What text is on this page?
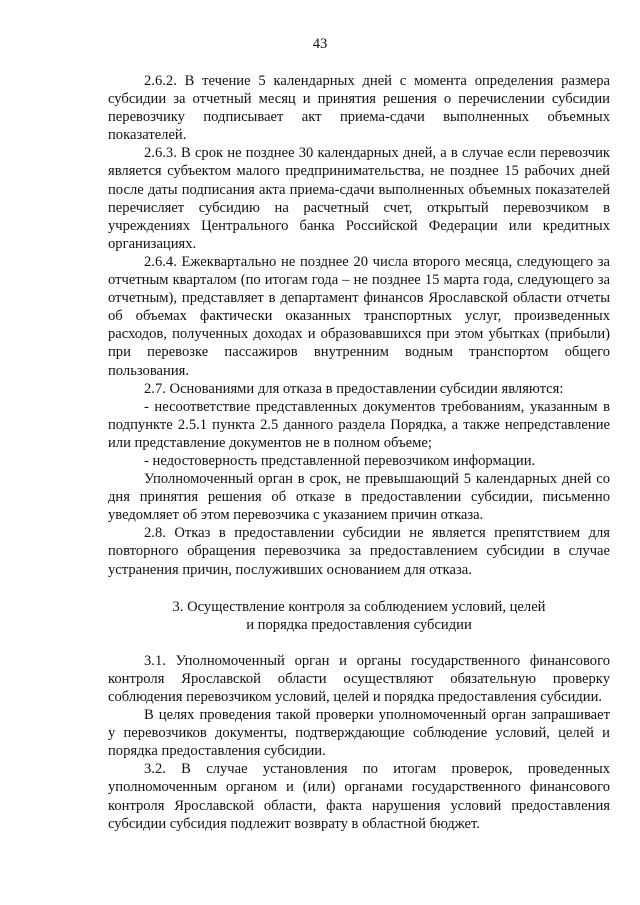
43

2.6.2. В течение 5 календарных дней с момента определения размера субсидии за отчетный месяц и принятия решения о перечислении субсидии перевозчику подписывает акт приема-сдачи выполненных объемных показателей.

2.6.3. В срок не позднее 30 календарных дней, а в случае если перевозчик является субъектом малого предпринимательства, не позднее 15 рабочих дней после даты подписания акта приема-сдачи выполненных объемных показателей перечисляет субсидию на расчетный счет, открытый перевозчиком в учреждениях Центрального банка Российской Федерации или кредитных организациях.

2.6.4. Ежеквартально не позднее 20 числа второго месяца, следующего за отчетным кварталом (по итогам года – не позднее 15 марта года, следующего за отчетным), представляет в департамент финансов Ярославской области отчеты об объемах фактически оказанных транспортных услуг, произведенных расходов, полученных доходах и образовавшихся при этом убытках (прибыли) при перевозке пассажиров внутренним водным транспортом общего пользования.

2.7. Основаниями для отказа в предоставлении субсидии являются:

- несоответствие представленных документов требованиям, указанным в подпункте 2.5.1 пункта 2.5 данного раздела Порядка, а также непредставление или представление документов не в полном объеме;

- недостоверность представленной перевозчиком информации.

Уполномоченный орган в срок, не превышающий 5 календарных дней со дня принятия решения об отказе в предоставлении субсидии, письменно уведомляет об этом перевозчика с указанием причин отказа.

2.8. Отказ в предоставлении субсидии не является препятствием для повторного обращения перевозчика за предоставлением субсидии в случае устранения причин, послуживших основанием для отказа.

3. Осуществление контроля за соблюдением условий, целей

и порядка предоставления субсидии

3.1. Уполномоченный орган и органы государственного финансового контроля Ярославской области осуществляют обязательную проверку соблюдения перевозчиком условий, целей и порядка предоставления субсидии.

В целях проведения такой проверки уполномоченный орган запрашивает у перевозчиков документы, подтверждающие соблюдение условий, целей и порядка предоставления субсидии.

3.2. В случае установления по итогам проверок, проведенных уполномоченным органом и (или) органами государственного финансового контроля Ярославской области, факта нарушения условий предоставления субсидии субсидия подлежит возврату в областной бюджет.
